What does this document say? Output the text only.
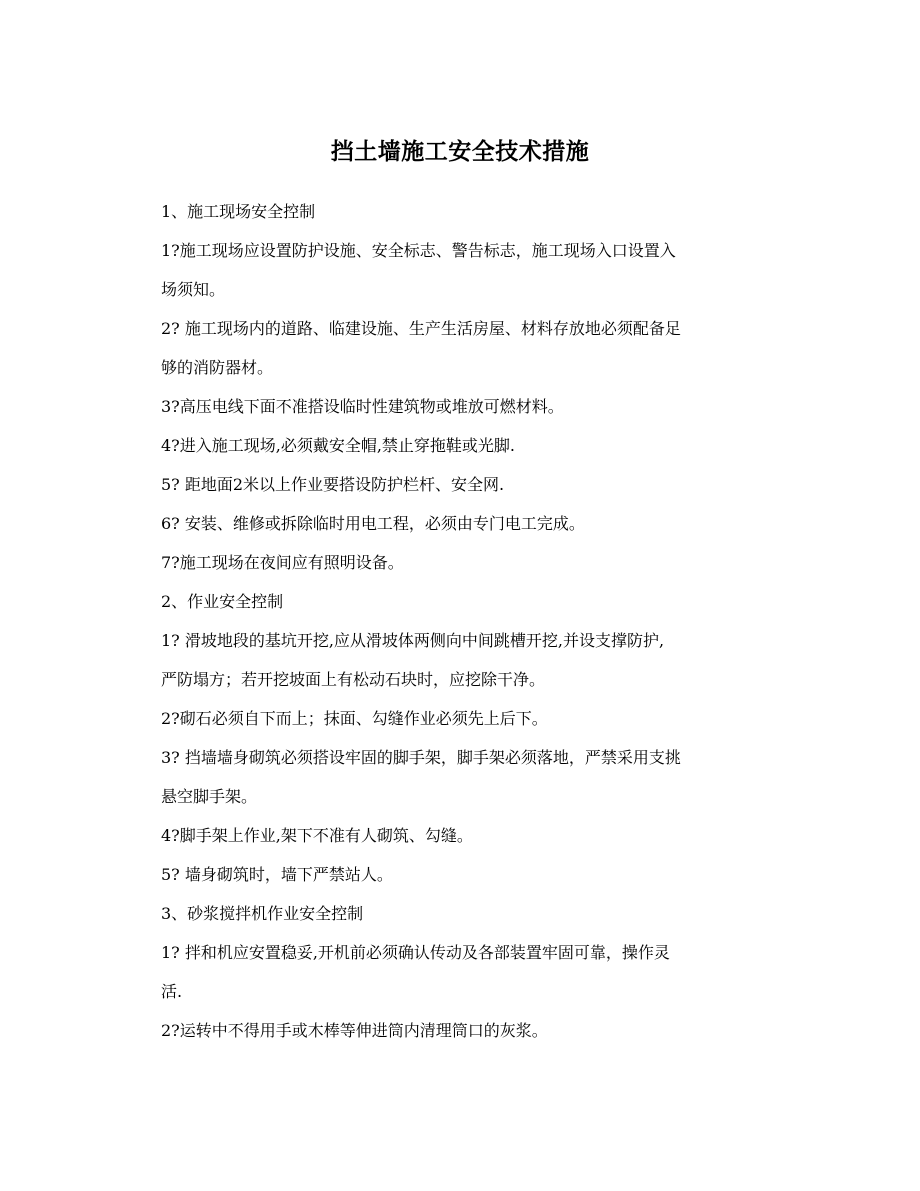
挡土墙施工安全技术措施
1、施工现场安全控制
1?施工现场应设置防护设施、安全标志、警告标志，施工现场入口设置入
场须知。
2? 施工现场内的道路、临建设施、生产生活房屋、材料存放地必须配备足
够的消防器材。
3?高压电线下面不准搭设临时性建筑物或堆放可燃材料。
4?进入施工现场,必须戴安全帽,禁止穿拖鞋或光脚.
5? 距地面2米以上作业要搭设防护栏杆、安全网.
6? 安装、维修或拆除临时用电工程，必须由专门电工完成。
7?施工现场在夜间应有照明设备。
2、作业安全控制
1? 滑坡地段的基坑开挖,应从滑坡体两侧向中间跳槽开挖,并设支撑防护,
严防塌方；若开挖坡面上有松动石块时，应挖除干净。
2?砌石必须自下而上；抹面、勾缝作业必须先上后下。
3? 挡墙墙身砌筑必须搭设牢固的脚手架，脚手架必须落地，严禁采用支挑
悬空脚手架。
4?脚手架上作业,架下不准有人砌筑、勾缝。
5? 墙身砌筑时，墙下严禁站人。
3、砂浆搅拌机作业安全控制
1? 拌和机应安置稳妥,开机前必须确认传动及各部装置牢固可靠，操作灵
活.
2?运转中不得用手或木棒等伸进筒内清理筒口的灰浆。
